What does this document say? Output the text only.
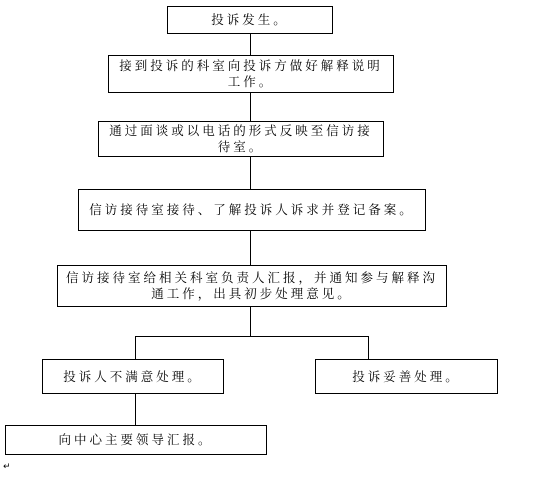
投诉发生。
接到投诉的科室向投诉方做好解释说明工作。
通过面谈或以电话的形式反映至信访接待室。
信访接待室接待、了解投诉人诉求并登记备案。
信访接待室给相关科室负责人汇报，并通知参与解释沟通工作，出具初步处理意见。
投诉人不满意处理。	投诉妥善处理。
向中心主要领导汇报。
↵
